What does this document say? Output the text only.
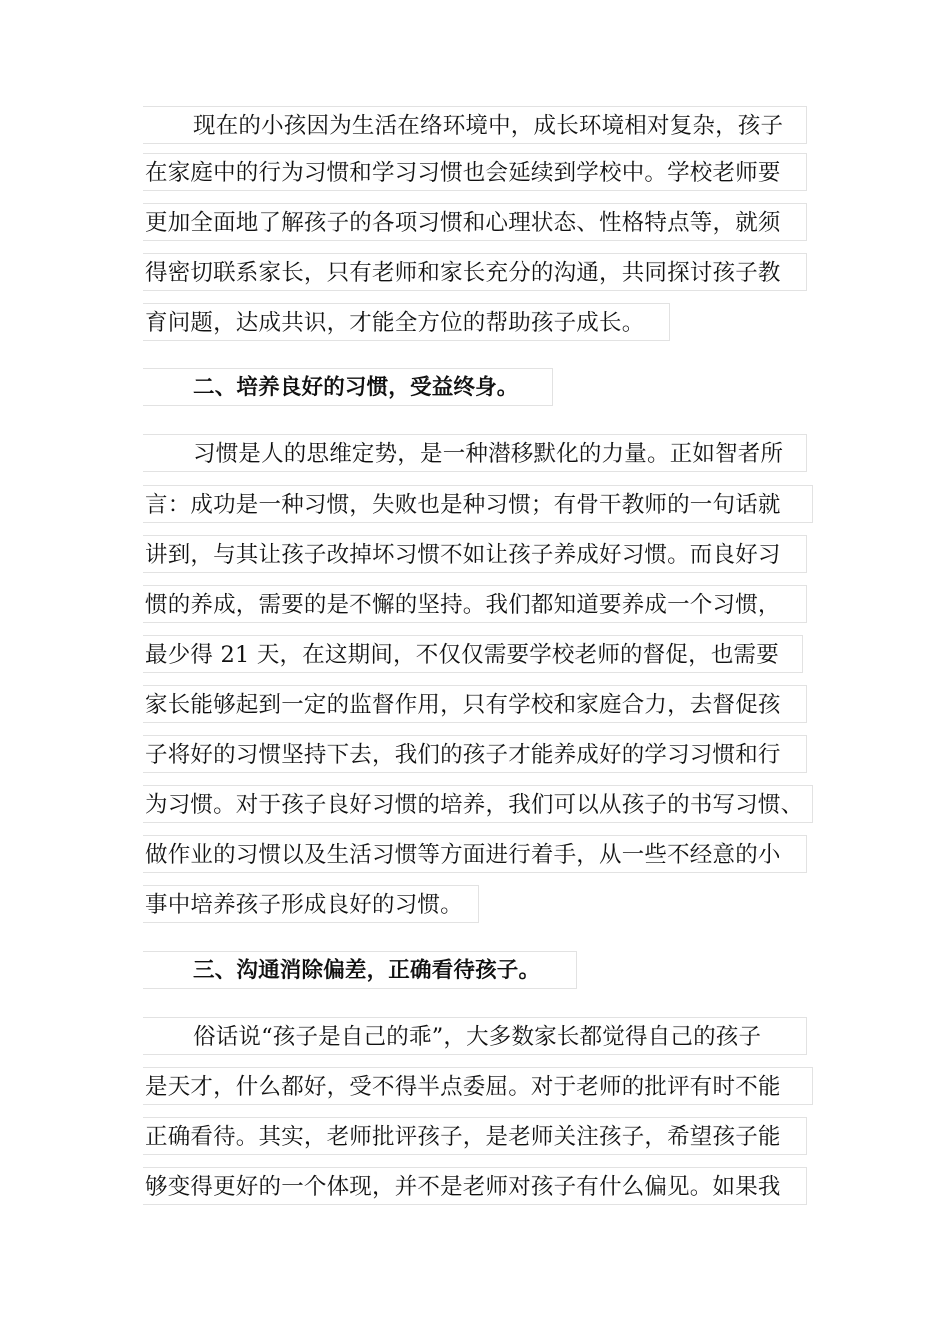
现在的小孩因为生活在络环境中，成长环境相对复杂，孩子
在家庭中的行为习惯和学习习惯也会延续到学校中。学校老师要
更加全面地了解孩子的各项习惯和心理状态、性格特点等，就须
得密切联系家长，只有老师和家长充分的沟通，共同探讨孩子教
育问题，达成共识，才能全方位的帮助孩子成长。
二、培养良好的习惯，受益终身。
习惯是人的思维定势，是一种潜移默化的力量。正如智者所
言：成功是一种习惯，失败也是种习惯；有骨干教师的一句话就
讲到，与其让孩子改掉坏习惯不如让孩子养成好习惯。而良好习
惯的养成，需要的是不懈的坚持。我们都知道要养成一个习惯，
最少得 21 天，在这期间，不仅仅需要学校老师的督促，也需要
家长能够起到一定的监督作用，只有学校和家庭合力，去督促孩
子将好的习惯坚持下去，我们的孩子才能养成好的学习习惯和行
为习惯。对于孩子良好习惯的培养，我们可以从孩子的书写习惯、
做作业的习惯以及生活习惯等方面进行着手，从一些不经意的小
事中培养孩子形成良好的习惯。
三、沟通消除偏差，正确看待孩子。
俗话说“孩子是自己的乖”，大多数家长都觉得自己的孩子
是天才，什么都好，受不得半点委屈。对于老师的批评有时不能
正确看待。其实，老师批评孩子，是老师关注孩子，希望孩子能
够变得更好的一个体现，并不是老师对孩子有什么偏见。如果我
